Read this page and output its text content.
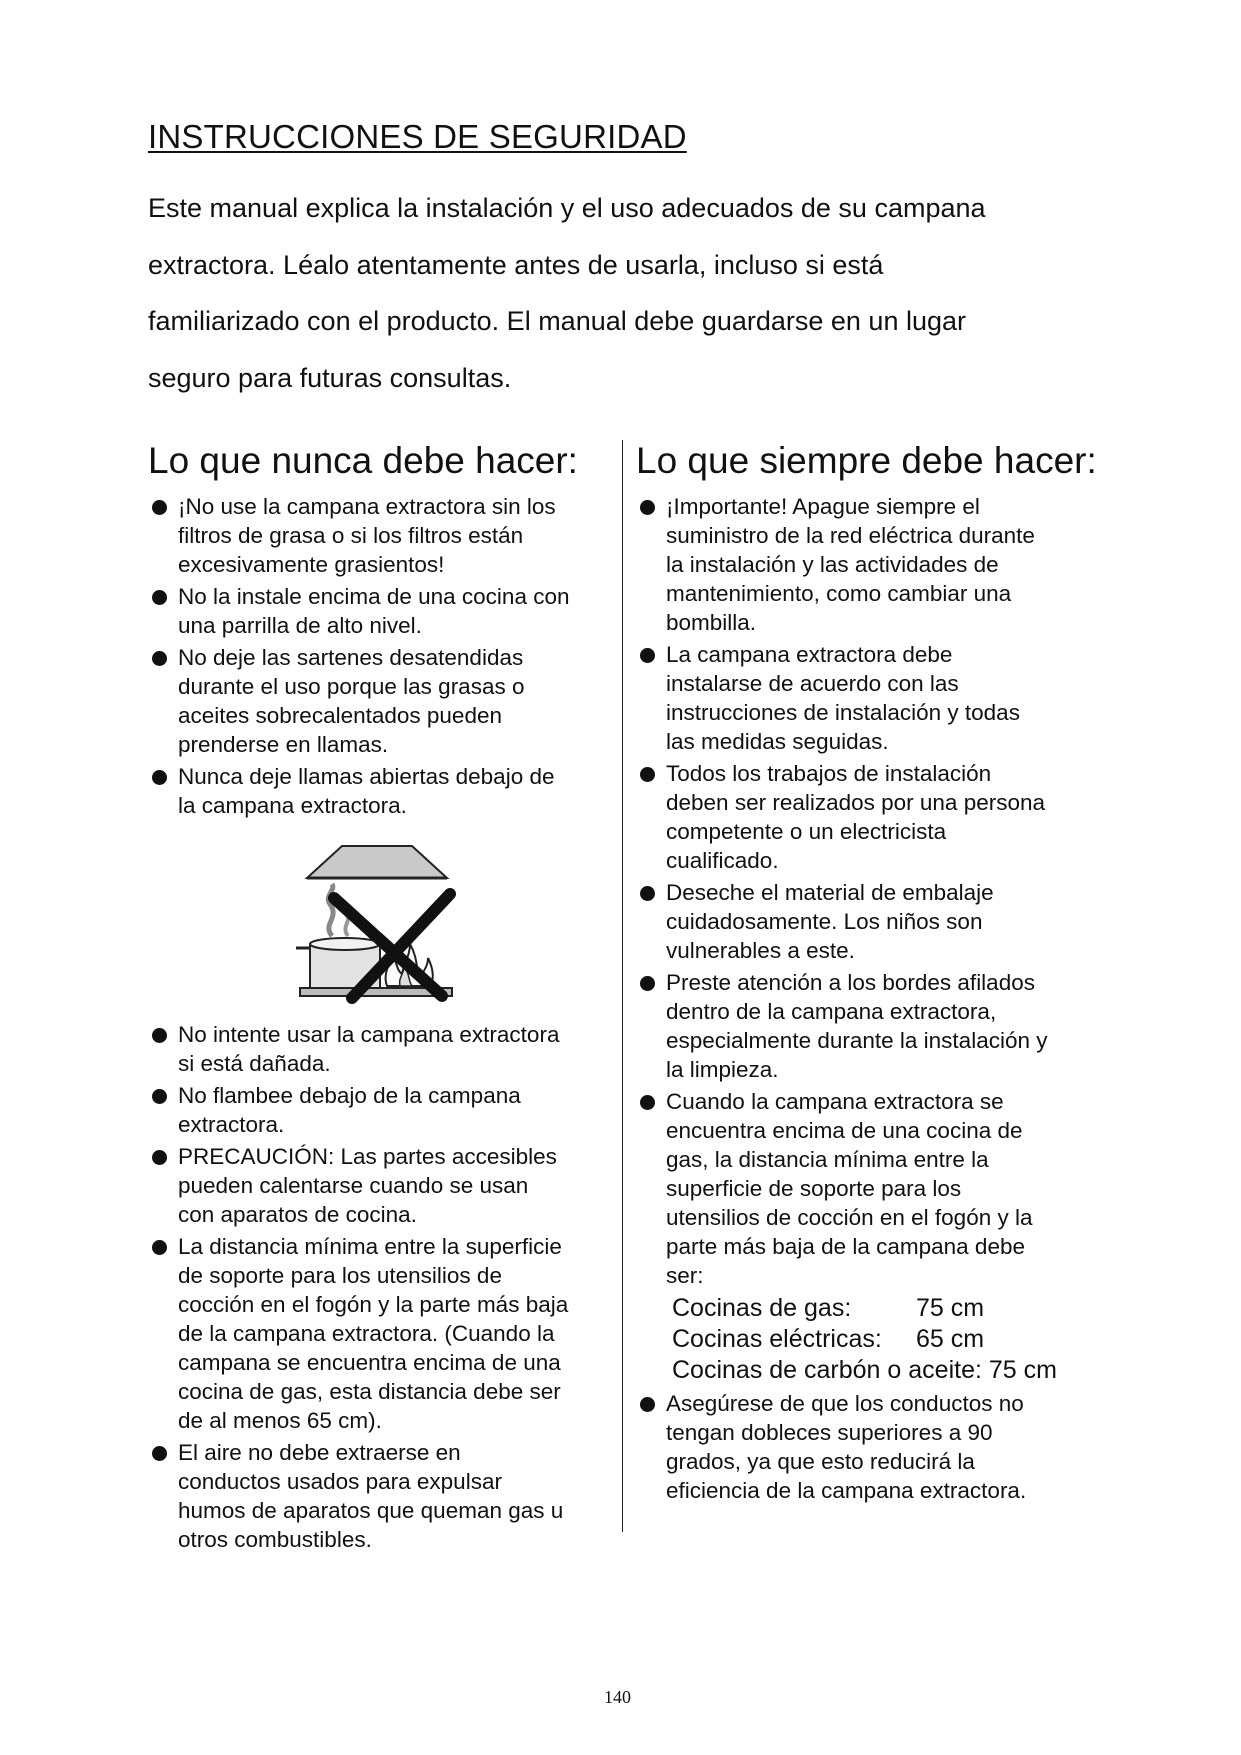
INSTRUCCIONES DE SEGURIDAD

Este manual explica la instalación y el uso adecuados de su campana
extractora. Léalo atentamente antes de usarla, incluso si está
familiarizado con el producto. El manual debe guardarse en un lugar
seguro para futuras consultas.

Lo que nunca debe hacer:
¡No use la campana extractora sin los
filtros de grasa o si los filtros están
excesivamente grasientos!
No la instale encima de una cocina con
una parrilla de alto nivel.
No deje las sartenes desatendidas
durante el uso porque las grasas o
aceites sobrecalentados pueden
prenderse en llamas.
Nunca deje llamas abiertas debajo de
la campana extractora.
No intente usar la campana extractora
si está dañada.
No flambee debajo de la campana
extractora.
PRECAUCIÓN: Las partes accesibles
pueden calentarse cuando se usan
con aparatos de cocina.
La distancia mínima entre la superficie
de soporte para los utensilios de
cocción en el fogón y la parte más baja
de la campana extractora. (Cuando la
campana se encuentra encima de una
cocina de gas, esta distancia debe ser
de al menos 65 cm).
El aire no debe extraerse en
conductos usados para expulsar
humos de aparatos que queman gas u
otros combustibles.
Lo que siempre debe hacer:
¡Importante! Apague siempre el
suministro de la red eléctrica durante
la instalación y las actividades de
mantenimiento, como cambiar una
bombilla.
La campana extractora debe
instalarse de acuerdo con las
instrucciones de instalación y todas
las medidas seguidas.
Todos los trabajos de instalación
deben ser realizados por una persona
competente o un electricista
cualificado.
Deseche el material de embalaje
cuidadosamente. Los niños son
vulnerables a este.
Preste atención a los bordes afilados
dentro de la campana extractora,
especialmente durante la instalación y
la limpieza.
Cuando la campana extractora se
encuentra encima de una cocina de
gas, la distancia mínima entre la
superficie de soporte para los
utensilios de cocción en el fogón y la
parte más baja de la campana debe
ser:
Cocinas de gas:	75 cm
Cocinas eléctricas: 65 cm
Cocinas de carbón o aceite: 75 cm
Asegúrese de que los conductos no
tengan dobleces superiores a 90
grados, ya que esto reducirá la
eficiencia de la campana extractora.
140
